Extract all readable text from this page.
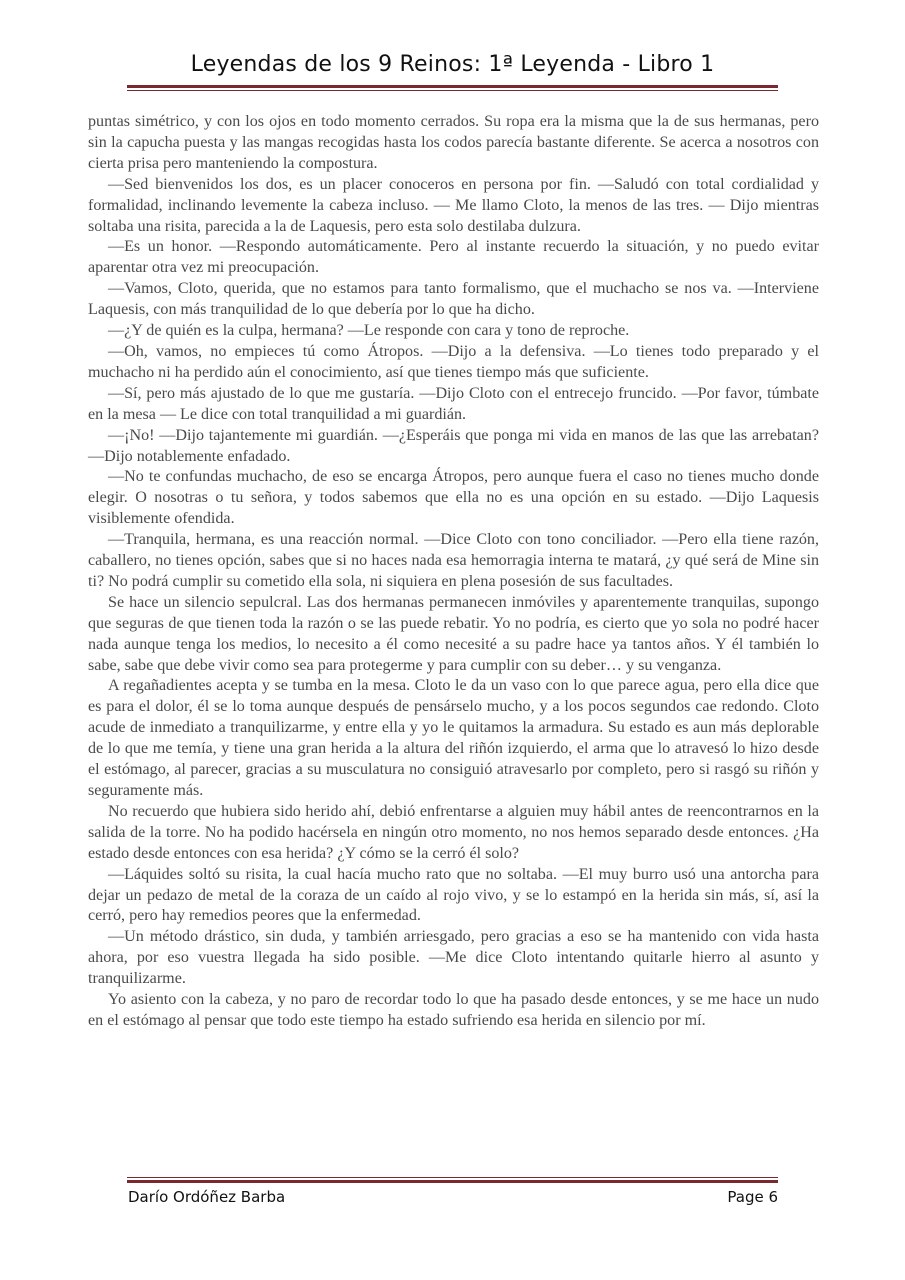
Leyendas de los 9 Reinos: 1ª Leyenda - Libro 1

puntas simétrico, y con los ojos en todo momento cerrados. Su ropa era la misma que la de sus hermanas, pero sin la capucha puesta y las mangas recogidas hasta los codos parecía bastante diferente. Se acerca a nosotros con cierta prisa pero manteniendo la compostura.

—Sed bienvenidos los dos, es un placer conoceros en persona por fin. —Saludó con total cordialidad y formalidad, inclinando levemente la cabeza incluso. — Me llamo Cloto, la menos de las tres. — Dijo mientras soltaba una risita, parecida a la de Laquesis, pero esta solo destilaba dulzura.

—Es un honor. —Respondo automáticamente. Pero al instante recuerdo la situación, y no puedo evitar aparentar otra vez mi preocupación.

—Vamos, Cloto, querida, que no estamos para tanto formalismo, que el muchacho se nos va. —Interviene Laquesis, con más tranquilidad de lo que debería por lo que ha dicho.

—¿Y de quién es la culpa, hermana? —Le responde con cara y tono de reproche.

—Oh, vamos, no empieces tú como Átropos. —Dijo a la defensiva. —Lo tienes todo preparado y el muchacho ni ha perdido aún el conocimiento, así que tienes tiempo más que suficiente.

—Sí, pero más ajustado de lo que me gustaría. —Dijo Cloto con el entrecejo fruncido. —Por favor, túmbate en la mesa — Le dice con total tranquilidad a mi guardián.

—¡No! —Dijo tajantemente mi guardián. —¿Esperáis que ponga mi vida en manos de las que las arrebatan? —Dijo notablemente enfadado.

—No te confundas muchacho, de eso se encarga Átropos, pero aunque fuera el caso no tienes mucho donde elegir. O nosotras o tu señora, y todos sabemos que ella no es una opción en su estado. —Dijo Laquesis visiblemente ofendida.

—Tranquila, hermana, es una reacción normal. —Dice Cloto con tono conciliador. —Pero ella tiene razón, caballero, no tienes opción, sabes que si no haces nada esa hemorragia interna te matará, ¿y qué será de Mine sin ti? No podrá cumplir su cometido ella sola, ni siquiera en plena posesión de sus facultades.

Se hace un silencio sepulcral. Las dos hermanas permanecen inmóviles y aparentemente tranquilas, supongo que seguras de que tienen toda la razón o se las puede rebatir. Yo no podría, es cierto que yo sola no podré hacer nada aunque tenga los medios, lo necesito a él como necesité a su padre hace ya tantos años. Y él también lo sabe, sabe que debe vivir como sea para protegerme y para cumplir con su deber… y su venganza.

A regañadientes acepta y se tumba en la mesa. Cloto le da un vaso con lo que parece agua, pero ella dice que es para el dolor, él se lo toma aunque después de pensárselo mucho, y a los pocos segundos cae redondo. Cloto acude de inmediato a tranquilizarme, y entre ella y yo le quitamos la armadura. Su estado es aun más deplorable de lo que me temía, y tiene una gran herida a la altura del riñón izquierdo, el arma que lo atravesó lo hizo desde el estómago, al parecer, gracias a su musculatura no consiguió atravesarlo por completo, pero si rasgó su riñón y seguramente más.

No recuerdo que hubiera sido herido ahí, debió enfrentarse a alguien muy hábil antes de reencontrarnos en la salida de la torre. No ha podido hacérsela en ningún otro momento, no nos hemos separado desde entonces. ¿Ha estado desde entonces con esa herida? ¿Y cómo se la cerró él solo?

—Láquides soltó su risita, la cual hacía mucho rato que no soltaba. —El muy burro usó una antorcha para dejar un pedazo de metal de la coraza de un caído al rojo vivo, y se lo estampó en la herida sin más, sí, así la cerró, pero hay remedios peores que la enfermedad.

—Un método drástico, sin duda, y también arriesgado, pero gracias a eso se ha mantenido con vida hasta ahora, por eso vuestra llegada ha sido posible. —Me dice Cloto intentando quitarle hierro al asunto y tranquilizarme.

Yo asiento con la cabeza, y no paro de recordar todo lo que ha pasado desde entonces, y se me hace un nudo en el estómago al pensar que todo este tiempo ha estado sufriendo esa herida en silencio por mí.

Darío Ordóñez Barba	Page 6
